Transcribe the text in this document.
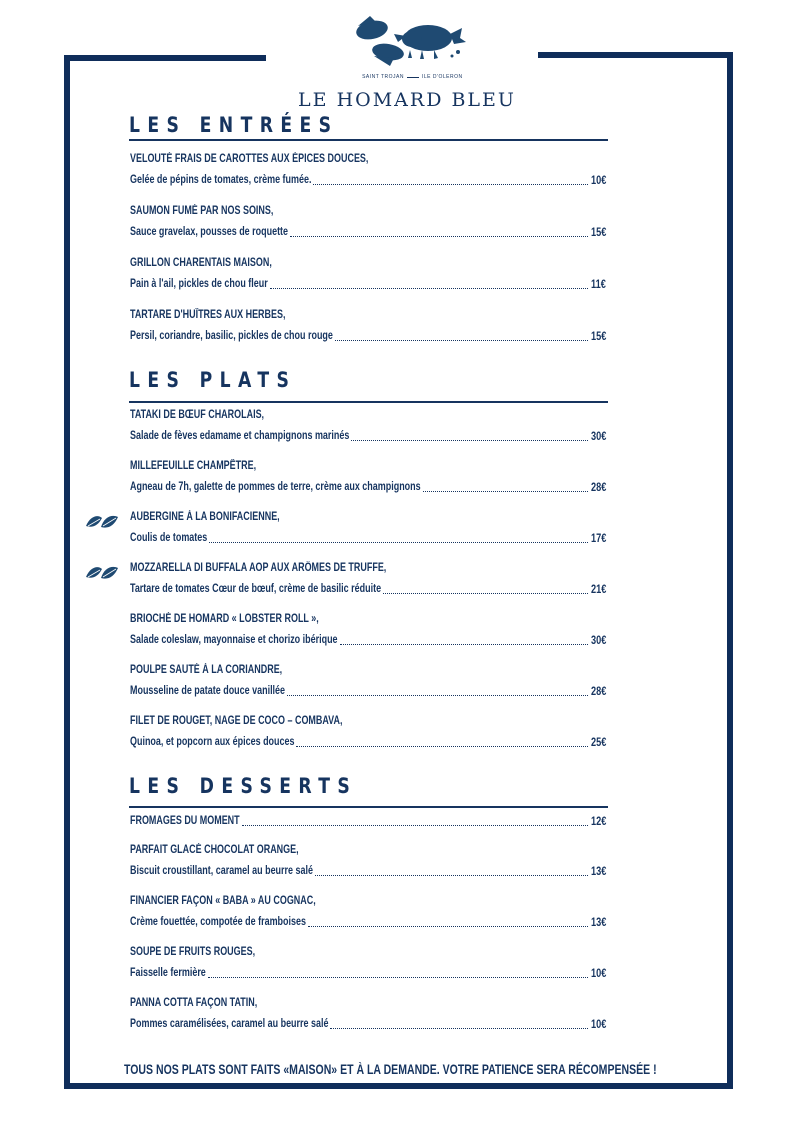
SAINT TROJAN	ILE D'OLERON
LE HOMARD BLEU
LES ENTRÉES
VELOUTÉ FRAIS DE CAROTTES AUX ÉPICES DOUCES,
Gelée de pépins de tomates, crème fumée.	10€
SAUMON FUMÉ PAR NOS SOINS,
Sauce gravelax, pousses de roquette	15€
GRILLON CHARENTAIS MAISON,
Pain à l'ail, pickles de chou fleur	11€
TARTARE D'HUÎTRES AUX HERBES,
Persil, coriandre, basilic, pickles de chou rouge	15€
LES PLATS
TATAKI DE BŒUF CHAROLAIS,
Salade de fèves edamame et champignons marinés	30€
MILLEFEUILLE CHAMPÊTRE,
Agneau de 7h, galette de pommes de terre, crème aux champignons	28€
AUBERGINE À LA BONIFACIENNE,
Coulis de tomates	17€
MOZZARELLA DI BUFFALA AOP AUX ARÔMES DE TRUFFE,
Tartare de tomates Cœur de bœuf, crème de basilic réduite	21€
BRIOCHÉ DE HOMARD « LOBSTER ROLL »,
Salade coleslaw, mayonnaise et chorizo ibérique	30€
POULPE SAUTÉ À LA CORIANDRE,
Mousseline de patate douce vanillée	28€
FILET DE ROUGET, NAGE DE COCO – COMBAVA,
Quinoa, et popcorn aux épices douces	25€
LES DESSERTS
FROMAGES DU MOMENT	12€
PARFAIT GLACÉ CHOCOLAT ORANGE,
Biscuit croustillant, caramel au beurre salé	13€
FINANCIER FAÇON « BABA » AU COGNAC,
Crème fouettée, compotée de framboises	13€
SOUPE DE FRUITS ROUGES,
Faisselle fermière	10€
PANNA COTTA FAÇON TATIN,
Pommes caramélisées, caramel au beurre salé	10€
TOUS NOS PLATS SONT FAITS «MAISON» ET À LA DEMANDE. VOTRE PATIENCE SERA RÉCOMPENSÉE !
